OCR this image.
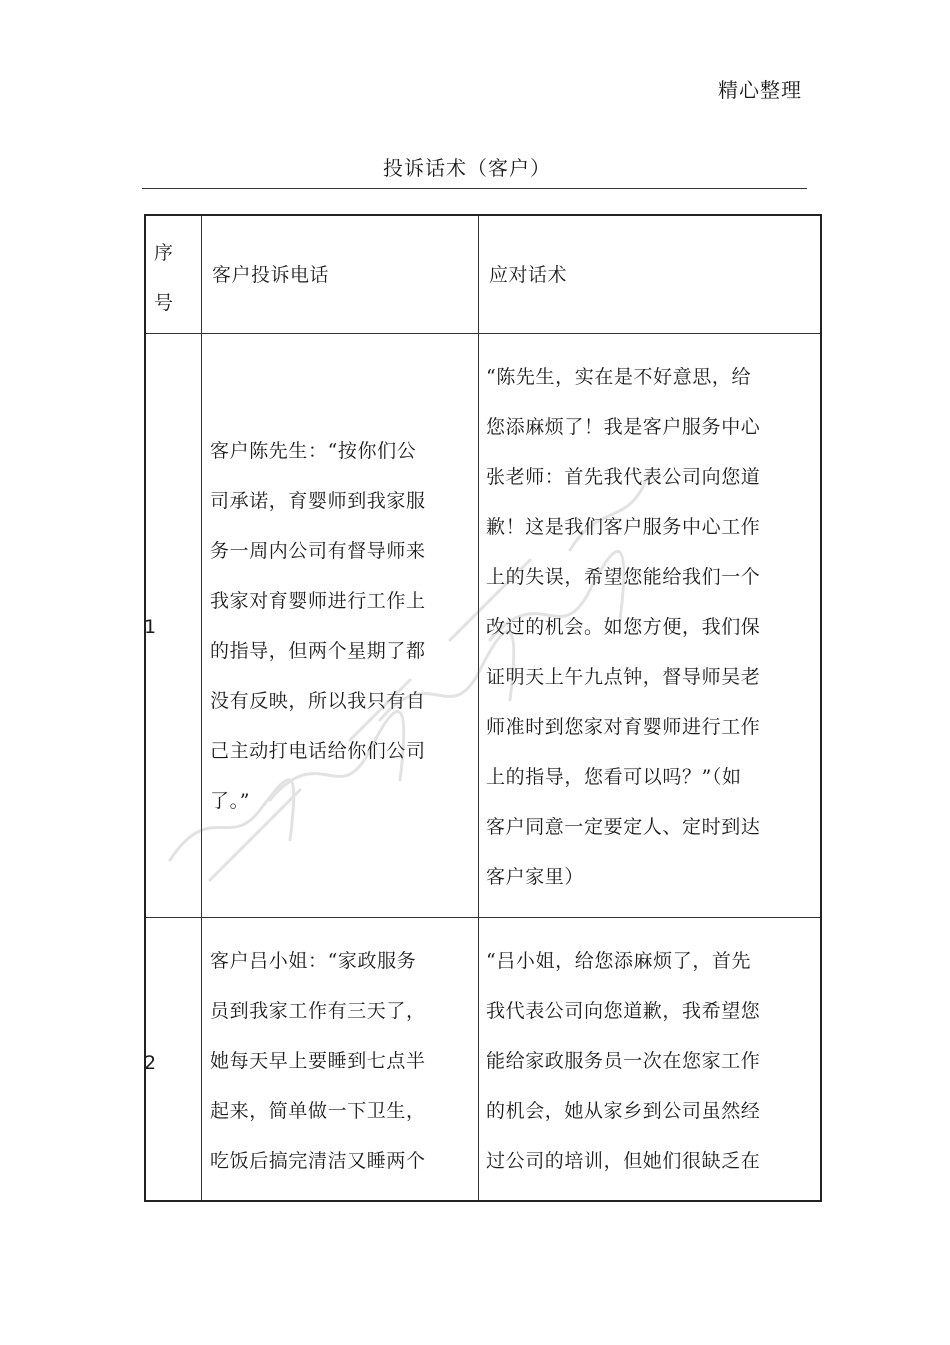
精心整理
投诉话术（客户）
序
号
客户投诉电话	应对话术
1
客户陈先生：“按你们公
司承诺，育婴师到我家服
务一周内公司有督导师来
我家对育婴师进行工作上
的指导，但两个星期了都
没有反映，所以我只有自
己主动打电话给你们公司
了。”
“陈先生，实在是不好意思，给
您添麻烦了！我是客户服务中心
张老师：首先我代表公司向您道
歉！这是我们客户服务中心工作
上的失误，希望您能给我们一个
改过的机会。如您方便，我们保
证明天上午九点钟，督导师吴老
师准时到您家对育婴师进行工作
上的指导，您看可以吗？”（如
客户同意一定要定人、定时到达
客户家里）
2
客户吕小姐：“家政服务
员到我家工作有三天了，
她每天早上要睡到七点半
起来，简单做一下卫生，
吃饭后搞完清洁又睡两个
“吕小姐，给您添麻烦了，首先
我代表公司向您道歉，我希望您
能给家政服务员一次在您家工作
的机会，她从家乡到公司虽然经
过公司的培训，但她们很缺乏在
